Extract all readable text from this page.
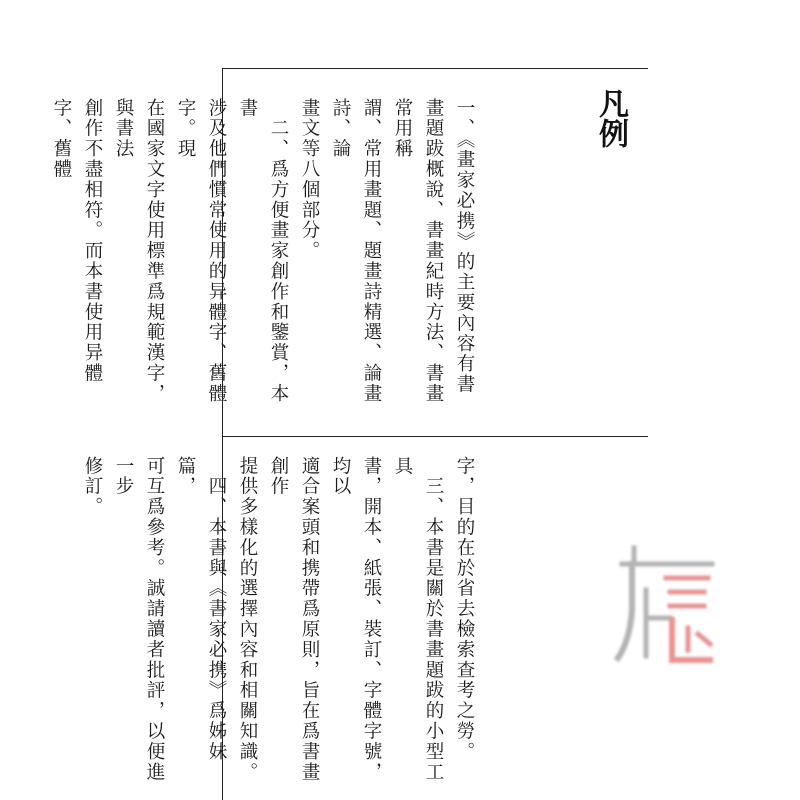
凡例
一、《畫家必携》的主要內容有書
畫題跋概說、書畫紀時方法、書畫常用稱
謂、常用畫題、題畫詩精選、論畫詩、論
畫文等八個部分。
　二、爲方便畫家創作和鑒賞，本書
涉及他們慣常使用的异體字、舊體字。現
在國家文字使用標準爲規範漢字，與書法
創作不盡相符。而本書使用异體字、舊體
字，目的在於省去檢索查考之勞。
　三、本書是關於書畫題跋的小型工具
書，開本、紙張、裝訂、字體字號，均以
適合案頭和携帶爲原則，旨在爲書畫創作
提供多樣化的選擇內容和相關知識。
　四、本書與《書家必携》爲姊妹篇，
可互爲參考。誠請讀者批評，以便進一步
修訂。
